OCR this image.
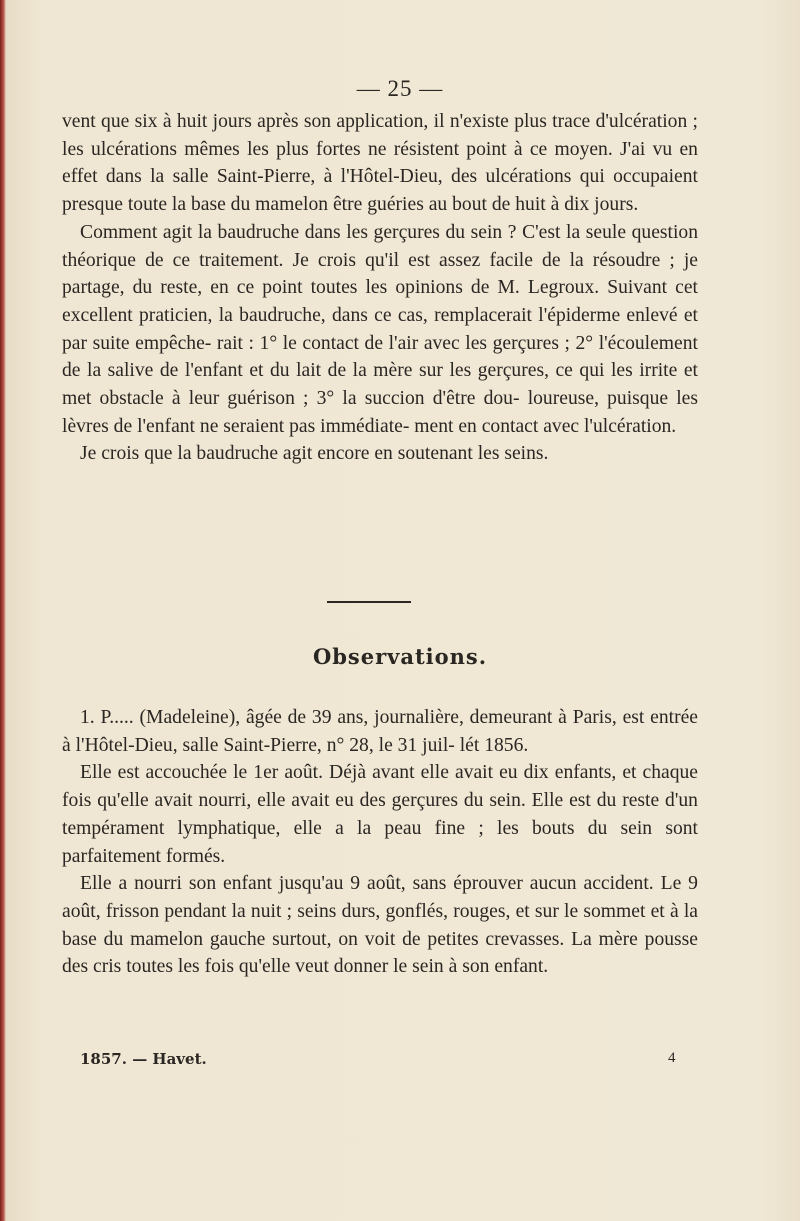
— 25 —

vent que six à huit jours après son application, il n'existe plus trace d'ulcération ; les ulcérations mêmes les plus fortes ne résistent point à ce moyen. J'ai vu en effet dans la salle Saint-Pierre, à l'Hôtel-Dieu, des ulcérations qui occupaient presque toute la base du mamelon être guéries au bout de huit à dix jours.

Comment agit la baudruche dans les gerçures du sein ? C'est la seule question théorique de ce traitement. Je crois qu'il est assez facile de la résoudre ; je partage, du reste, en ce point toutes les opinions de M. Legroux. Suivant cet excellent praticien, la baudruche, dans ce cas, remplacerait l'épiderme enlevé et par suite empêche- rait : 1° le contact de l'air avec les gerçures ; 2° l'écoulement de la salive de l'enfant et du lait de la mère sur les gerçures, ce qui les irrite et met obstacle à leur guérison ; 3° la succion d'être dou- loureuse, puisque les lèvres de l'enfant ne seraient pas immédiate- ment en contact avec l'ulcération.

Je crois que la baudruche agit encore en soutenant les seins.

Observations.

1. P..... (Madeleine), âgée de 39 ans, journalière, demeurant à Paris, est entrée à l'Hôtel-Dieu, salle Saint-Pierre, n° 28, le 31 juil- lét 1856.

Elle est accouchée le 1er août. Déjà avant elle avait eu dix enfants, et chaque fois qu'elle avait nourri, elle avait eu des gerçures du sein. Elle est du reste d'un tempérament lymphatique, elle a la peau fine ; les bouts du sein sont parfaitement formés.

Elle a nourri son enfant jusqu'au 9 août, sans éprouver aucun accident. Le 9 août, frisson pendant la nuit ; seins durs, gonflés, rouges, et sur le sommet et à la base du mamelon gauche surtout, on voit de petites crevasses. La mère pousse des cris toutes les fois qu'elle veut donner le sein à son enfant.

1857. — Havet.	4
